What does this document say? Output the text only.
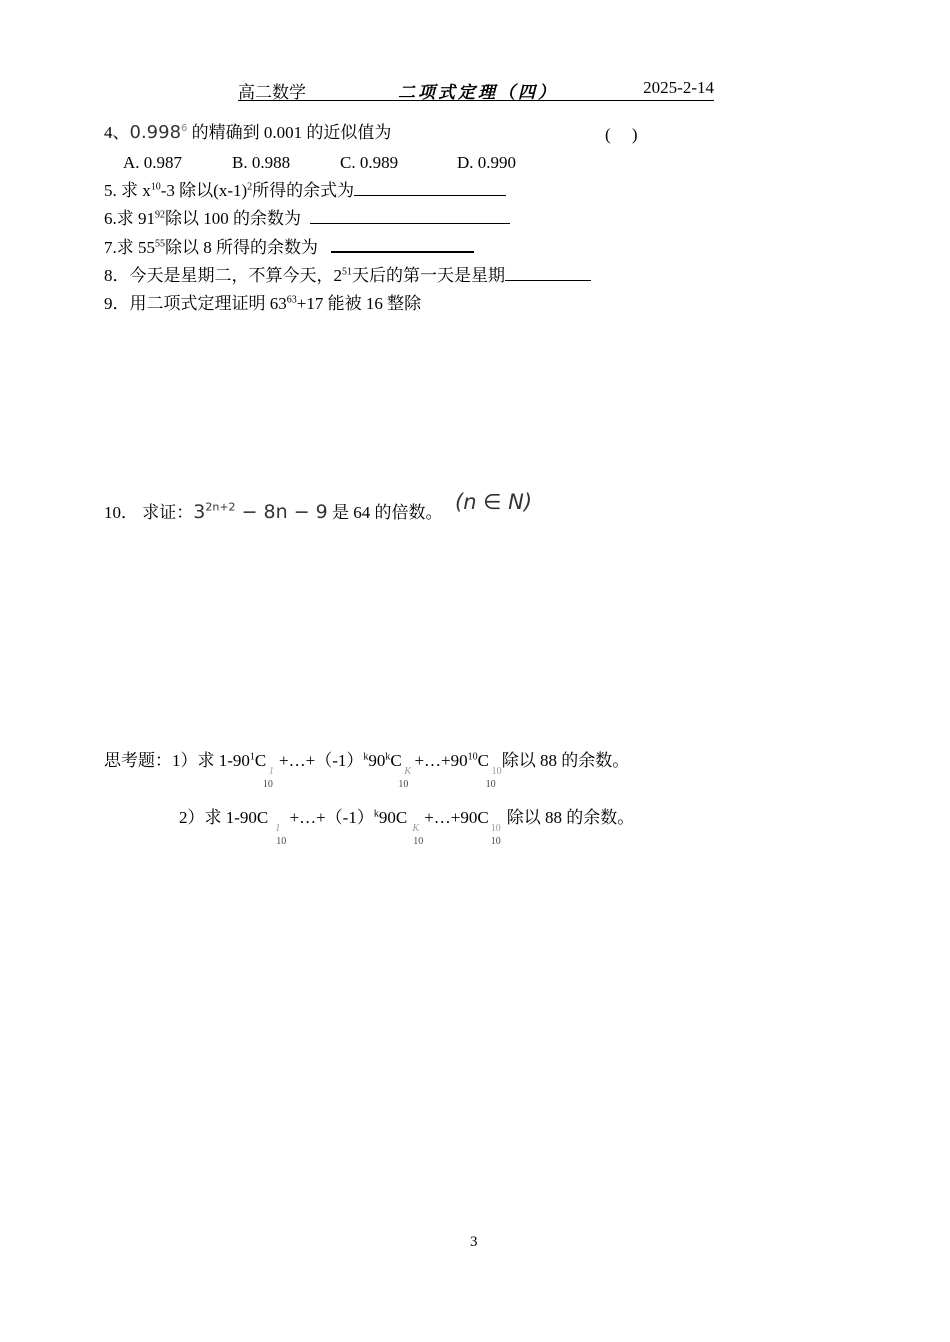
高二数学	二项式定理（四）	2025-2-14
4、0.998$^6$ 的精确到 0.001 的近似值为	(　 )
A. 0.987	B. 0.988	C. 0.989	D. 0.990
5. 求 $x^{10}-3$ 除以$(x-1)^2$所得的余式为
6.求 $91^{92}$除以 100 的余数为
7.求 $55^{55}$除以 8 所得的余数为
8．今天是星期二，不算今天，$2^{51}$天后的第一天是星期
9．用二项式定理证明 $63^{63}+17$ 能被 16 整除
10． 求证：$3^{2n+2} - 8n - 9$ 是 64 的倍数。 (n ∈ N)
思考题：1）求 $1-90^1C$
1
10
$+\dots+(-1)^k90^kC$
K
10
$+\dots+90^{10}C$
10
10
除以 88 的余数。
2）求 1-90C
1
10
$+\dots+(-1)^k90C$
K
10
+…+90C
10
10
除以 88 的余数。
3
